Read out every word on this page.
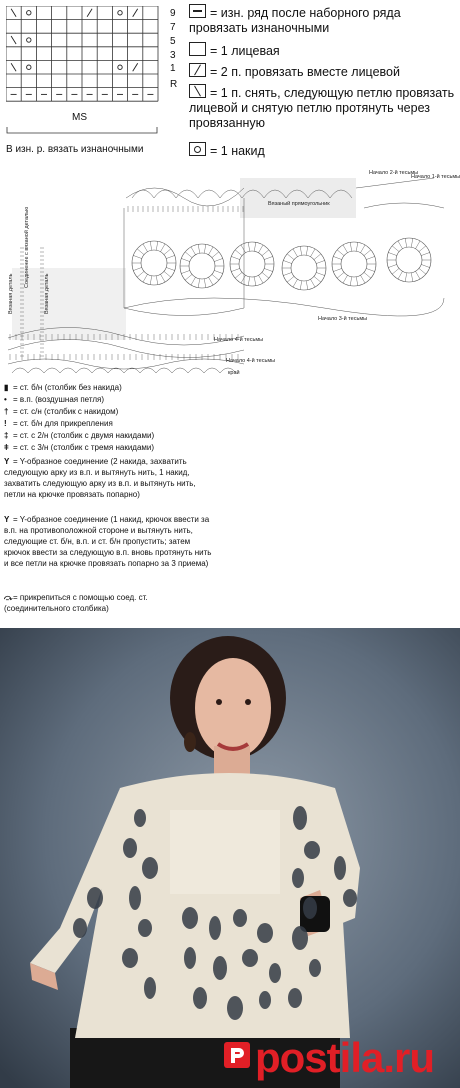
9
7
5
3
1
R
MS
В изн. р. вязать изнаночными
= изн. ряд после наборного ряда провязать изнаночными
= 1 лицевая
= 2 п. провязать вместе лицевой
= 1 п. снять, следующую петлю провязать лицевой и снятую петлю протянуть через провязанную
= 1 накид
Начало 2-й тесьмы
Начало 1-й тесьмы
Вязаный прямоугольник
Начало 3-й тесьмы
Начало 4-й тесьмы
Начало 4-й тесьмы
край
Вязаная деталь
Соединение с вязаной деталью
Вязаная деталь
▮ = ст. б/н (столбик без накида)
• = в.п. (воздушная петля)
† = ст. с/н (столбик с накидом)
! = ст. б/н для прикрепления
‡ = ст. с 2/н (столбик с двумя накидами)
ǂ = ст. с 3/н (столбик с тремя накидами)
Y = Y-образное соединение (2 накида, захватить следующую арку из в.п. и вытянуть нить, 1 накид, захватить следующую арку из в.п. и вытянуть нить, петли на крючке провязать попарно)
Y = Y-образное соединение (1 накид, крючок ввести за в.п. на противоположной стороне и вытянуть нить, следующие ст. б/н, в.п. и ст. б/н пропустить; затем крючок ввести за следующую в.п. вновь протянуть нить и все петли на крючке провязать попарно за 3 приема)
⤼= прикрепиться с помощью соед. ст. (соединительного столбика)
postila.ru
